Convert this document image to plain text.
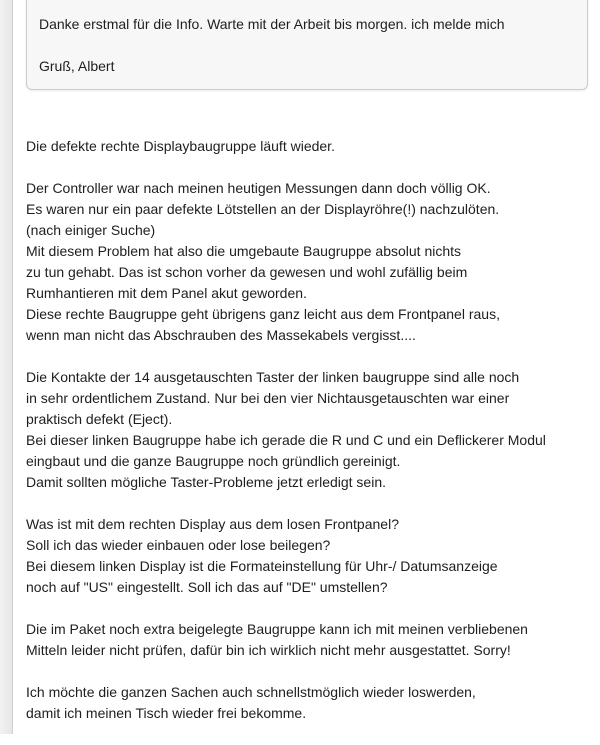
Danke erstmal für die Info. Warte mit der Arbeit bis morgen. ich melde mich
Gruß, Albert
Die defekte rechte Displaybaugruppe läuft wieder.
Der Controller war nach meinen heutigen Messungen dann doch völlig OK.
Es waren nur ein paar defekte Lötstellen an der Displayröhre(!) nachzulöten.
(nach einiger Suche)
Mit diesem Problem hat also die umgebaute Baugruppe absolut nichts
zu tun gehabt. Das ist schon vorher da gewesen und wohl zufällig beim
Rumhantieren mit dem Panel akut geworden.
Diese rechte Baugruppe geht übrigens ganz leicht aus dem Frontpanel raus,
wenn man nicht das Abschrauben des Massekabels vergisst....
Die Kontakte der 14 ausgetauschten Taster der linken baugruppe sind alle noch
in sehr ordentlichem Zustand. Nur bei den vier Nichtausgetauschten war einer
praktisch defekt (Eject).
Bei dieser linken Baugruppe habe ich gerade die R und C und ein Deflickerer Modul
eingbaut und die ganze Baugruppe noch gründlich gereinigt.
Damit sollten mögliche Taster-Probleme jetzt erledigt sein.
Was ist mit dem rechten Display aus dem losen Frontpanel?
Soll ich das wieder einbauen oder lose beilegen?
Bei diesem linken Display ist die Formateinstellung für Uhr-/ Datumsanzeige
noch auf "US" eingestellt. Soll ich das auf "DE" umstellen?
Die im Paket noch extra beigelegte Baugruppe kann ich mit meinen verbliebenen
Mitteln leider nicht prüfen, dafür bin ich wirklich nicht mehr ausgestattet. Sorry!
Ich möchte die ganzen Sachen auch schnellstmöglich wieder loswerden,
damit ich meinen Tisch wieder frei bekomme.
